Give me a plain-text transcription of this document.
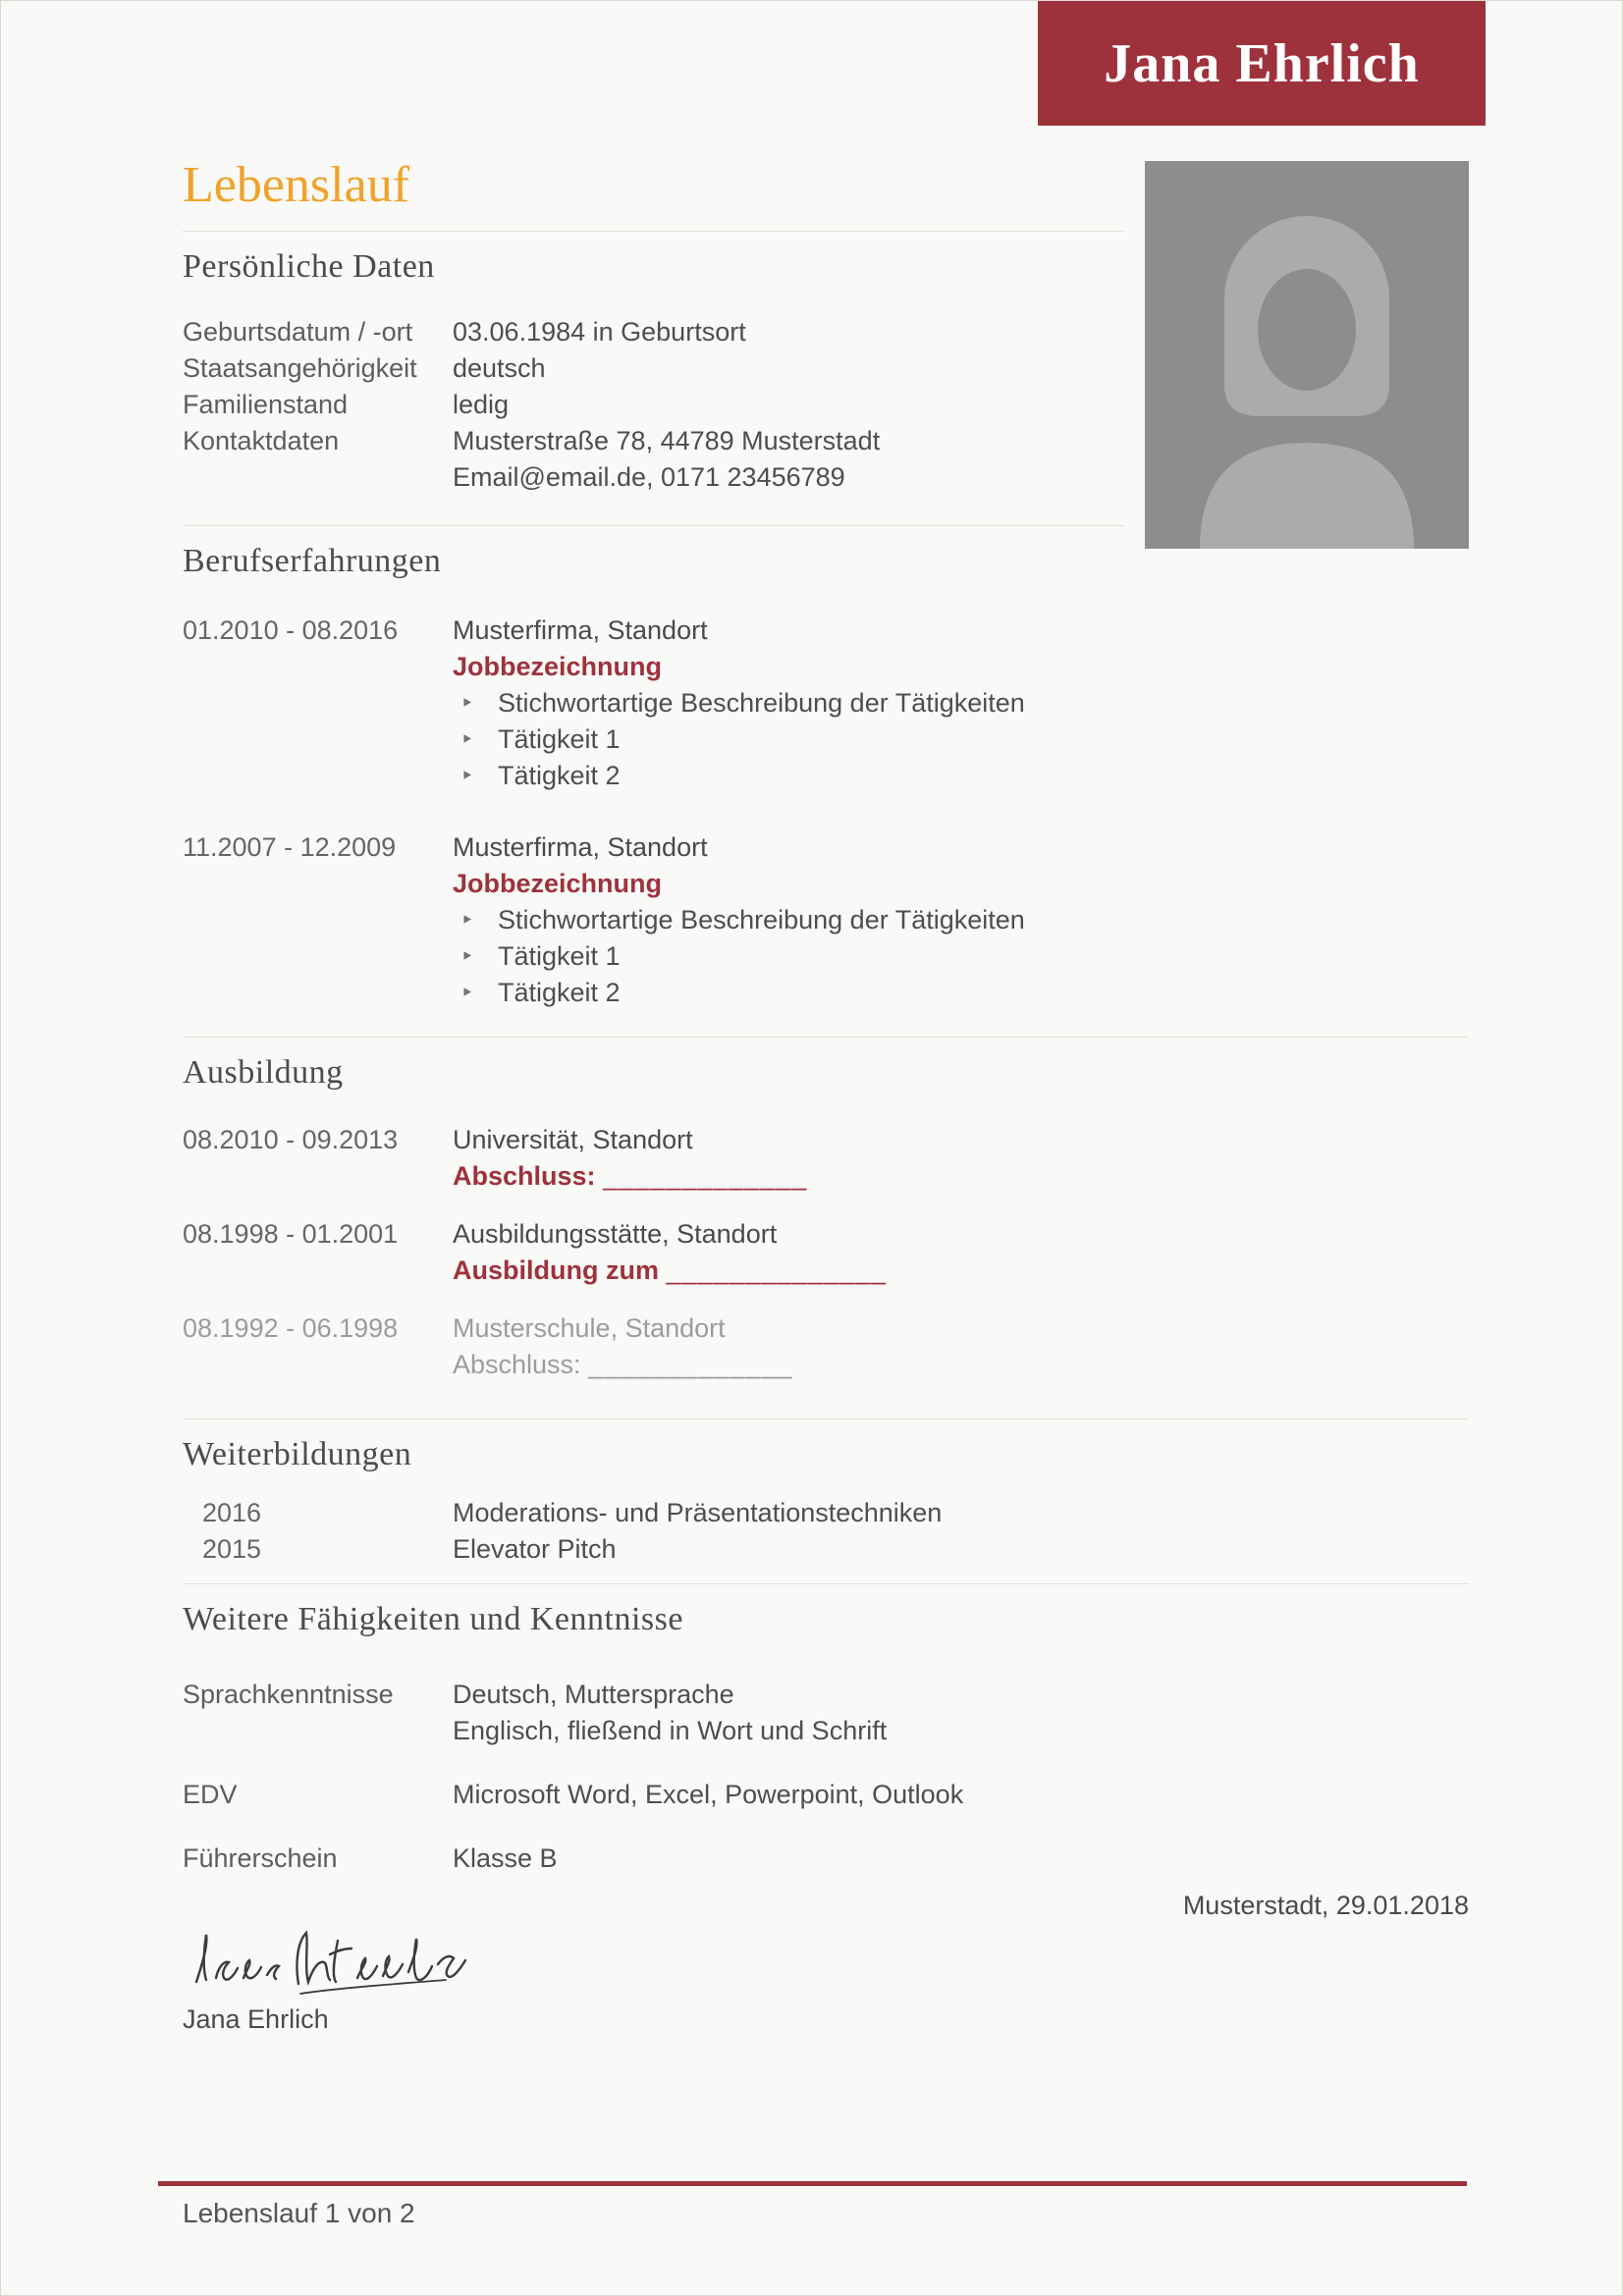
Jana Ehrlich
Lebenslauf
Persönliche Daten
Geburtsdatum / -ort	03.06.1984 in Geburtsort
Staatsangehörigkeit	deutsch
Familienstand	ledig
Kontaktdaten	Musterstraße 78, 44789 Musterstadt
Email@email.de, 0171 23456789
Berufserfahrungen
01.2010 - 08.2016	Musterfirma, Standort
Jobbezeichnung
‣ Stichwortartige Beschreibung der Tätigkeiten
‣ Tätigkeit 1
‣ Tätigkeit 2
11.2007 - 12.2009	Musterfirma, Standort
Jobbezeichnung
‣ Stichwortartige Beschreibung der Tätigkeiten
‣ Tätigkeit 1
‣ Tätigkeit 2
Ausbildung
08.2010 - 09.2013	Universität, Standort
Abschluss: _____________
08.1998 - 01.2001	Ausbildungsstätte, Standort
Ausbildung zum ______________
08.1992 - 06.1998	Musterschule, Standort
Abschluss: _____________
Weiterbildungen
2016	Moderations- und Präsentationstechniken
2015	Elevator Pitch
Weitere Fähigkeiten und Kenntnisse
Sprachkenntnisse	Deutsch, Muttersprache
Englisch, fließend in Wort und Schrift
EDV	Microsoft Word, Excel, Powerpoint, Outlook
Führerschein	Klasse B
Musterstadt, 29.01.2018
Jana Ehrlich
Lebenslauf 1 von 2
